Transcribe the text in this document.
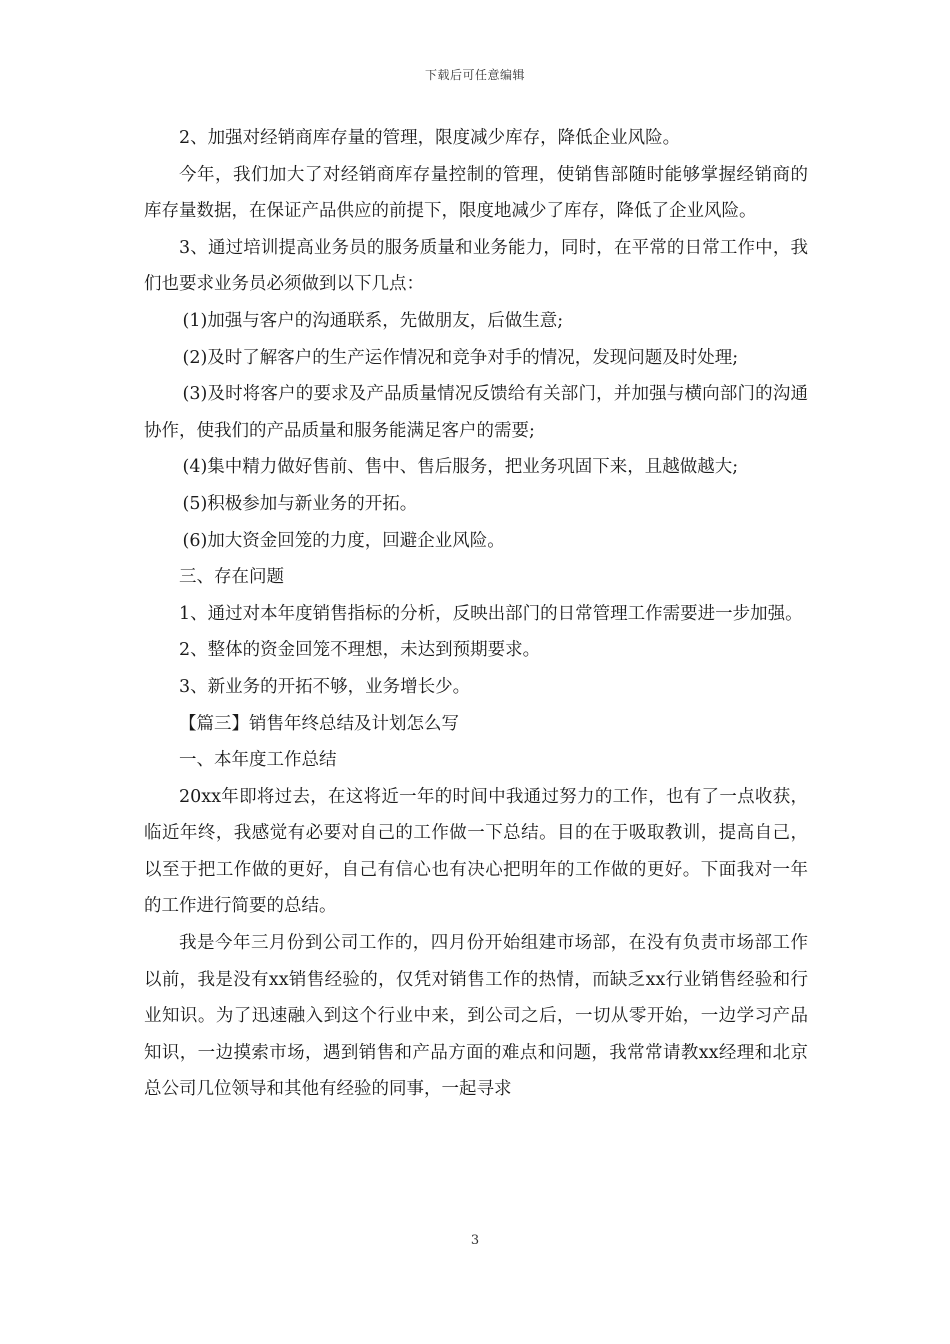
下载后可任意编辑

2、加强对经销商库存量的管理，限度减少库存，降低企业风险。

今年，我们加大了对经销商库存量控制的管理，使销售部随时能够掌握经销商的库存量数据，在保证产品供应的前提下，限度地减少了库存，降低了企业风险。

3、通过培训提高业务员的服务质量和业务能力，同时，在平常的日常工作中，我们也要求业务员必须做到以下几点：

(1)加强与客户的沟通联系，先做朋友，后做生意;

(2)及时了解客户的生产运作情况和竞争对手的情况，发现问题及时处理;

(3)及时将客户的要求及产品质量情况反馈给有关部门，并加强与横向部门的沟通协作，使我们的产品质量和服务能满足客户的需要;

(4)集中精力做好售前、售中、售后服务，把业务巩固下来，且越做越大;

(5)积极参加与新业务的开拓。

(6)加大资金回笼的力度，回避企业风险。

三、存在问题

1、通过对本年度销售指标的分析，反映出部门的日常管理工作需要进一步加强。

2、整体的资金回笼不理想，未达到预期要求。

3、新业务的开拓不够，业务增长少。

【篇三】销售年终总结及计划怎么写

一、本年度工作总结

20xx年即将过去，在这将近一年的时间中我通过努力的工作，也有了一点收获，临近年终，我感觉有必要对自己的工作做一下总结。目的在于吸取教训，提高自己，以至于把工作做的更好，自己有信心也有决心把明年的工作做的更好。下面我对一年的工作进行简要的总结。

我是今年三月份到公司工作的，四月份开始组建市场部，在没有负责市场部工作以前，我是没有xx销售经验的，仅凭对销售工作的热情，而缺乏xx行业销售经验和行业知识。为了迅速融入到这个行业中来，到公司之后，一切从零开始，一边学习产品知识，一边摸索市场，遇到销售和产品方面的难点和问题，我常常请教xx经理和北京总公司几位领导和其他有经验的同事，一起寻求

3
